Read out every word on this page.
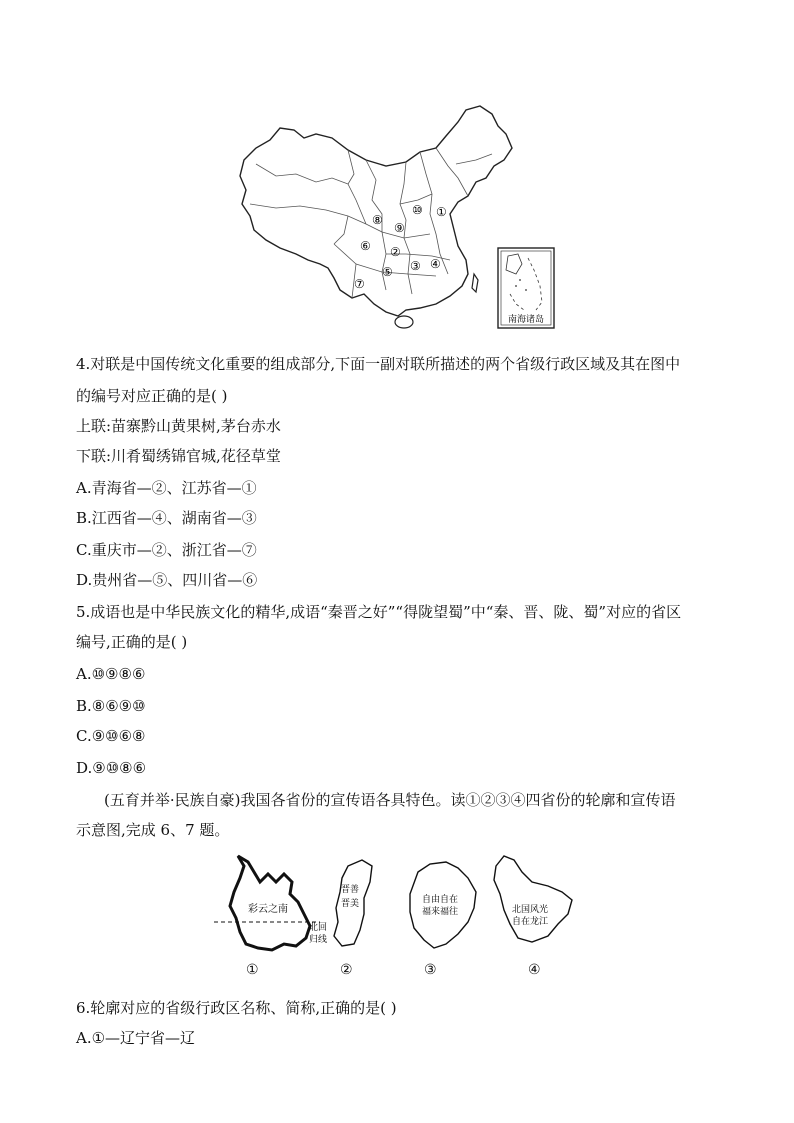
⑩ ①
⑧
⑨
⑥ ②
③ ④
⑤
⑦
南海诸岛
4.对联是中国传统文化重要的组成部分,下面一副对联所描述的两个省级行政区域及其在图中
的编号对应正确的是( )
上联:苗寨黔山黄果树,茅台赤水
下联:川肴蜀绣锦官城,花径草堂
A.青海省—②、江苏省—①
B.江西省—④、湖南省—③
C.重庆市—②、浙江省—⑦
D.贵州省—⑤、四川省—⑥
5.成语也是中华民族文化的精华,成语“秦晋之好”“得陇望蜀”中“秦、晋、陇、蜀”对应的省区
编号,正确的是( )
A.⑩⑨⑧⑥
B.⑧⑥⑨⑩
C.⑨⑩⑥⑧
D.⑨⑩⑧⑥
(五育并举·民族自豪)我国各省份的宣传语各具特色。读①②③④四省份的轮廓和宣传语
示意图,完成 6、7 题。
彩云之南
北回
归线
晋善
晋美	自由自在
福来福往	北国风光
自在龙江
①	②	③	④
6.轮廓对应的省级行政区名称、简称,正确的是( )
A.①—辽宁省—辽
